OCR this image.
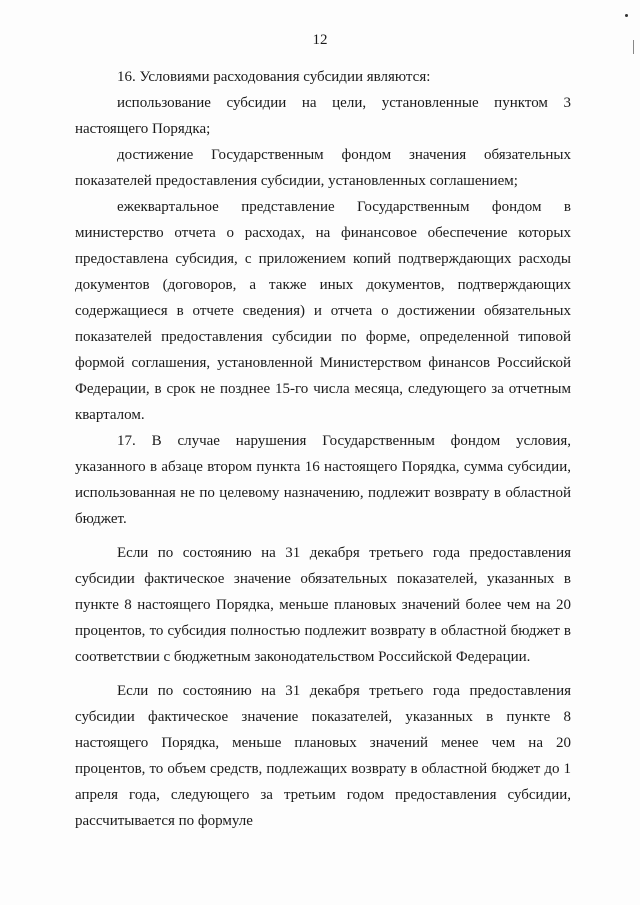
12

16. Условиями расходования субсидии являются:

использование субсидии на цели, установленные пунктом 3 настоящего Порядка;

достижение Государственным фондом значения обязательных показателей предоставления субсидии, установленных соглашением;

ежеквартальное представление Государственным фондом в министерство отчета о расходах, на финансовое обеспечение которых предоставлена субсидия, с приложением копий подтверждающих расходы документов (договоров, а также иных документов, подтверждающих содержащиеся в отчете сведения) и отчета о достижении обязательных показателей предоставления субсидии по форме, определенной типовой формой соглашения, установленной Министерством финансов Российской Федерации, в срок не позднее 15-го числа месяца, следующего за отчетным кварталом.

17. В случае нарушения Государственным фондом условия, указанного в абзаце втором пункта 16 настоящего Порядка, сумма субсидии, использованная не по целевому назначению, подлежит возврату в областной бюджет.

Если по состоянию на 31 декабря третьего года предоставления субсидии фактическое значение обязательных показателей, указанных в пункте 8 настоящего Порядка, меньше плановых значений более чем на 20 процентов, то субсидия полностью подлежит возврату в областной бюджет в соответствии с бюджетным законодательством Российской Федерации.

Если по состоянию на 31 декабря третьего года предоставления субсидии фактическое значение показателей, указанных в пункте 8 настоящего Порядка, меньше плановых значений менее чем на 20 процентов, то объем средств, подлежащих возврату в областной бюджет до 1 апреля года, следующего за третьим годом предоставления субсидии, рассчитывается по формуле
